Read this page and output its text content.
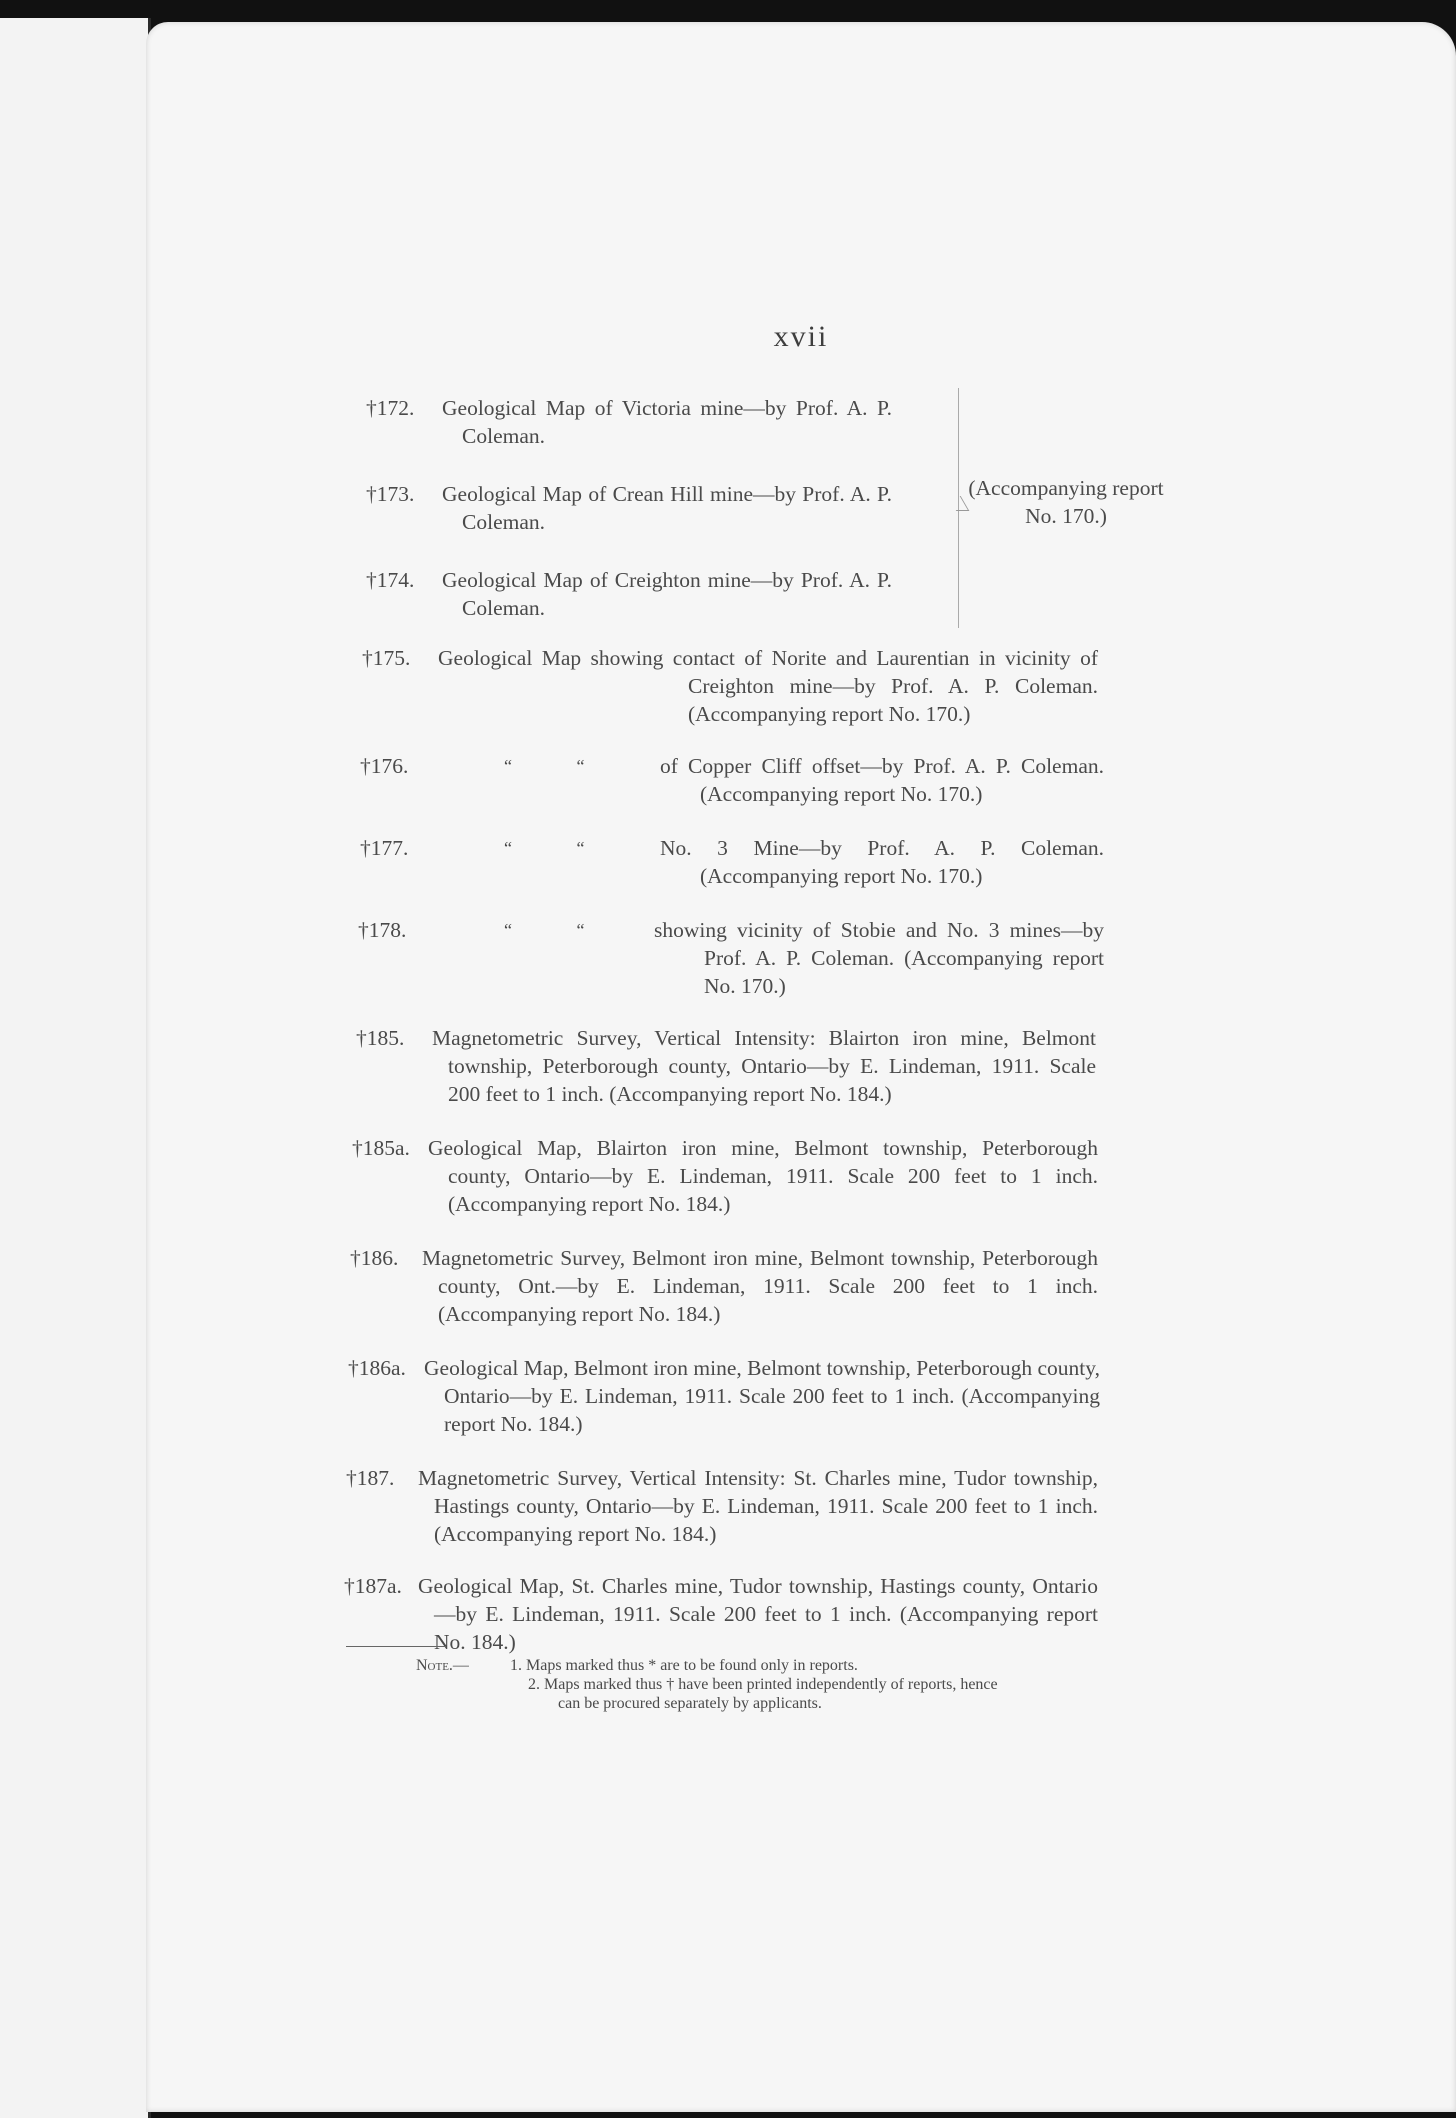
xvii
†172. Geological Map of Victoria mine—by Prof. A. P. Coleman.
†173. Geological Map of Crean Hill mine—by Prof. A. P. Coleman.
†174. Geological Map of Creighton mine—by Prof. A. P. Coleman.
(Accompanying report No. 170.)
†175. Geological Map showing contact of Norite and Laurentian in vicinity of Creighton mine—by Prof. A. P. Coleman. (Accompanying report No. 170.)
†176.	“ “	of Copper Cliff offset—by Prof. A. P. Coleman. (Accompanying report No. 170.)
†177.	“ “	No. 3 Mine—by Prof. A. P. Coleman. (Accompanying report No. 170.)
†178.	“ “	showing vicinity of Stobie and No. 3 mines—by Prof. A. P. Coleman. (Accompanying report No. 170.)
†185. Magnetometric Survey, Vertical Intensity: Blairton iron mine, Belmont township, Peterborough county, Ontario—by E. Lindeman, 1911. Scale 200 feet to 1 inch. (Accompanying report No. 184.)
†185a. Geological Map, Blairton iron mine, Belmont township, Peterborough county, Ontario—by E. Lindeman, 1911. Scale 200 feet to 1 inch. (Accompanying report No. 184.)
†186. Magnetometric Survey, Belmont iron mine, Belmont township, Peterborough county, Ont.—by E. Lindeman, 1911. Scale 200 feet to 1 inch. (Accompanying report No. 184.)
†186a. Geological Map, Belmont iron mine, Belmont township, Peterborough county, Ontario—by E. Lindeman, 1911. Scale 200 feet to 1 inch. (Accompanying report No. 184.)
†187. Magnetometric Survey, Vertical Intensity: St. Charles mine, Tudor township, Hastings county, Ontario—by E. Lindeman, 1911. Scale 200 feet to 1 inch. (Accompanying report No. 184.)
†187a. Geological Map, St. Charles mine, Tudor township, Hastings county, Ontario—by E. Lindeman, 1911. Scale 200 feet to 1 inch. (Accompanying report No. 184.)
Note.—	1. Maps marked thus * are to be found only in reports.
2. Maps marked thus † have been printed independently of reports, hence
can be procured separately by applicants.
